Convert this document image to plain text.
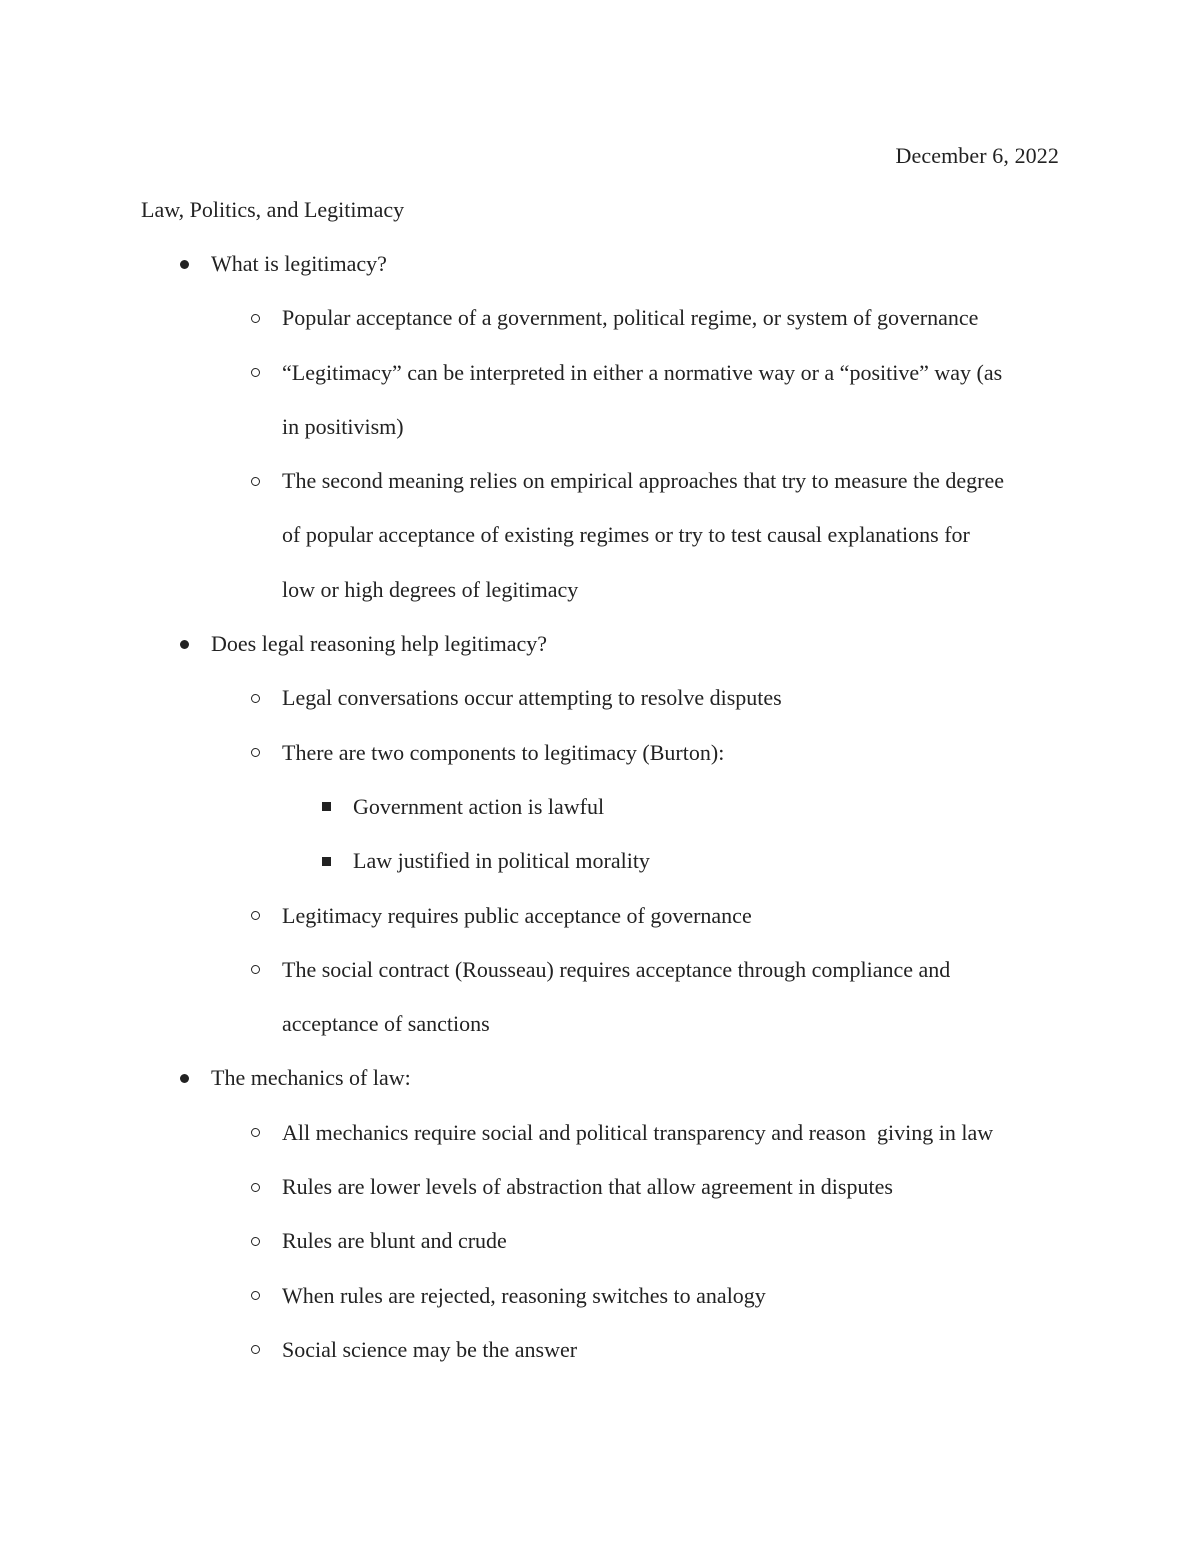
December 6, 2022
Law, Politics, and Legitimacy
What is legitimacy?
Popular acceptance of a government, political regime, or system of governance
“Legitimacy” can be interpreted in either a normative way or a “positive” way (as
in positivism)
The second meaning relies on empirical approaches that try to measure the degree
of popular acceptance of existing regimes or try to test causal explanations for
low or high degrees of legitimacy
Does legal reasoning help legitimacy?
Legal conversations occur attempting to resolve disputes
There are two components to legitimacy (Burton):
Government action is lawful
Law justified in political morality
Legitimacy requires public acceptance of governance
The social contract (Rousseau) requires acceptance through compliance and
acceptance of sanctions
The mechanics of law:
All mechanics require social and political transparency and reason  giving in law
Rules are lower levels of abstraction that allow agreement in disputes
Rules are blunt and crude
When rules are rejected, reasoning switches to analogy
Social science may be the answer
